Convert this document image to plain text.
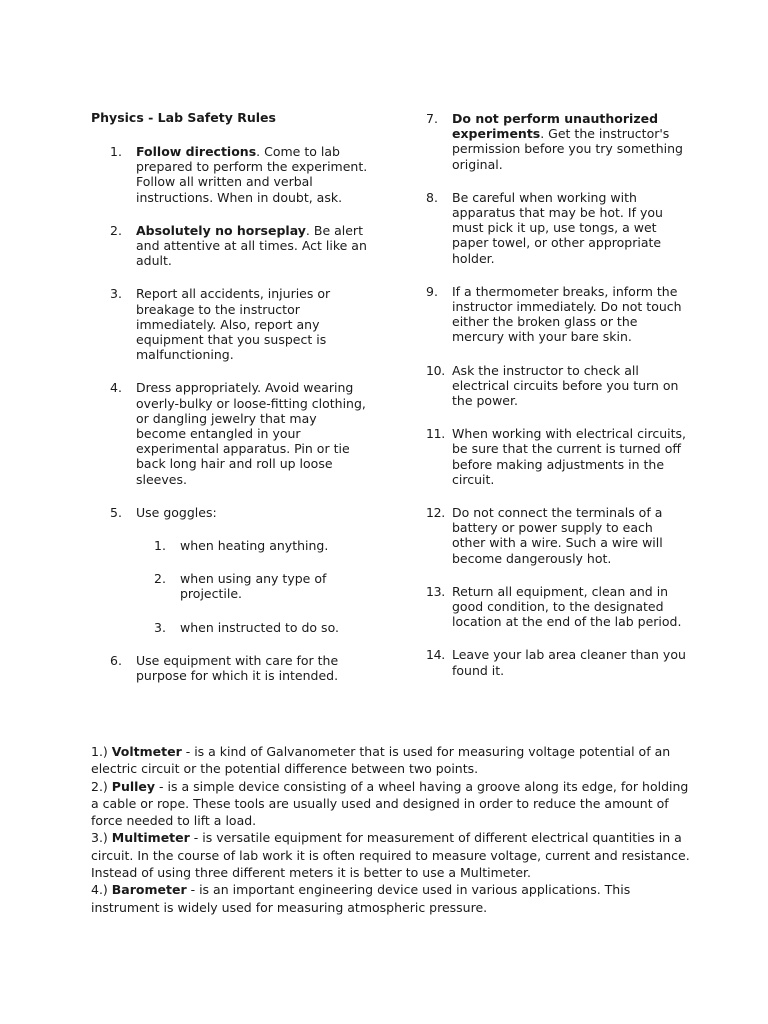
Physics - Lab Safety Rules
1.	Follow directions. Come to lab prepared to perform the experiment. Follow all written and verbal instructions. When in doubt, ask.
2.	Absolutely no horseplay. Be alert and attentive at all times. Act like an adult.
3.	Report all accidents, injuries or breakage to the instructor immediately. Also, report any equipment that you suspect is malfunctioning.
4.	Dress appropriately. Avoid wearing overly-bulky or loose-fitting clothing, or dangling jewelry that may become entangled in your experimental apparatus. Pin or tie back long hair and roll up loose sleeves.
5.	Use goggles:
1.	when heating anything.
2.	when using any type of projectile.
3.	when instructed to do so.
6.	Use equipment with care for the purpose for which it is intended.
7.	Do not perform unauthorized experiments. Get the instructor's permission before you try something original.
8.	Be careful when working with apparatus that may be hot. If you must pick it up, use tongs, a wet paper towel, or other appropriate holder.
9.	If a thermometer breaks, inform the instructor immediately. Do not touch either the broken glass or the mercury with your bare skin.
10. Ask the instructor to check all electrical circuits before you turn on the power.
11. When working with electrical circuits, be sure that the current is turned off before making adjustments in the circuit.
12. Do not connect the terminals of a battery or power supply to each other with a wire. Such a wire will become dangerously hot.
13. Return all equipment, clean and in good condition, to the designated location at the end of the lab period.
14. Leave your lab area cleaner than you found it.

1.) Voltmeter - is a kind of Galvanometer that is used for measuring voltage potential of an electric circuit or the potential difference between two points.

2.) Pulley - is a simple device consisting of a wheel having a groove along its edge, for holding a cable or rope. These tools are usually used and designed in order to reduce the amount of force needed to lift a load.

3.) Multimeter - is versatile equipment for measurement of different electrical quantities in a circuit. In the course of lab work it is often required to measure voltage, current and resistance. Instead of using three different meters it is better to use a Multimeter.

4.) Barometer - is an important engineering device used in various applications. This instrument is widely used for measuring atmospheric pressure.
